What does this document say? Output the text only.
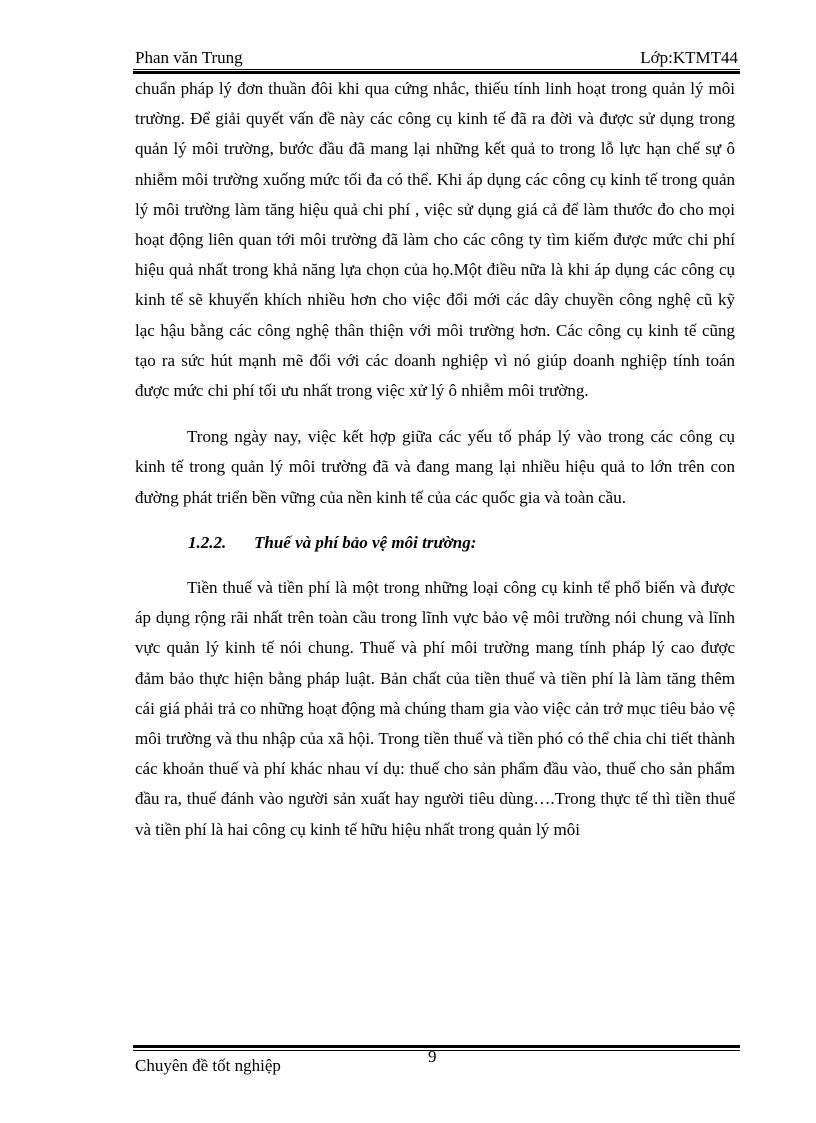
Phan văn Trung	Lớp:KTMT44

chuẩn pháp lý đơn thuần đôi khi qua cứng nhắc, thiếu tính linh hoạt trong quản lý môi trường. Để giải quyết vấn đề này các công cụ kinh tế đã ra đời và được sử dụng trong quản lý môi trường, bước đầu đã mang lại những kết quả to trong lỗ lực hạn chế sự ô nhiễm môi trường xuống mức tối đa có thể. Khi áp dụng các công cụ kinh tế trong quản lý môi trường làm tăng hiệu quả chi phí , việc sử dụng giá cả để làm thước đo cho mọi hoạt động liên quan tới môi trường đã làm cho các công ty tìm kiếm được mức chi phí hiệu quả nhất trong khả năng lựa chọn của họ.Một điều nữa là khi áp dụng các công cụ kinh tế sẽ khuyến khích nhiều hơn cho việc đổi mới các dây chuyền công nghệ cũ kỹ lạc hậu bằng các công nghệ thân thiện với môi trường hơn. Các công cụ kinh tế cũng tạo ra sức hút mạnh mẽ đối với các doanh nghiệp vì nó giúp doanh nghiệp tính toán được mức chi phí tối ưu nhất trong việc xử lý ô nhiễm môi trường.

Trong ngày nay, việc kết hợp giữa các yếu tố pháp lý vào trong các công cụ kinh tế trong quản lý môi trường đã và đang mang lại nhiều hiệu quả to lớn trên con đường phát triển bền vững của nền kinh tế của các quốc gia và toàn cầu.

1.2.2. Thuế và phí bảo vệ môi trường:

Tiền thuế và tiền phí là một trong những loại công cụ kinh tế phổ biến và được áp dụng rộng rãi nhất trên toàn cầu trong lĩnh vực bảo vệ môi trường nói chung và lĩnh vực quản lý kinh tế nói chung. Thuế và phí môi trường mang tính pháp lý cao được đảm bảo thực hiện bằng pháp luật. Bản chất của tiền thuế và tiền phí là làm tăng thêm cái giá phải trả co những hoạt động mà chúng tham gia vào việc cản trở mục tiêu bảo vệ môi trường và thu nhập của xã hội. Trong tiền thuế và tiền phó có thể chia chi tiết thành các khoản thuế và phí khác nhau ví dụ: thuế cho sản phẩm đầu vào, thuế cho sản phẩm đầu ra, thuế đánh vào người sản xuất hay người tiêu dùng….Trong thực tế thì tiền thuế và tiền phí là hai công cụ kinh tế hữu hiệu nhất trong quản lý môi

9
Chuyên đề tốt nghiệp
